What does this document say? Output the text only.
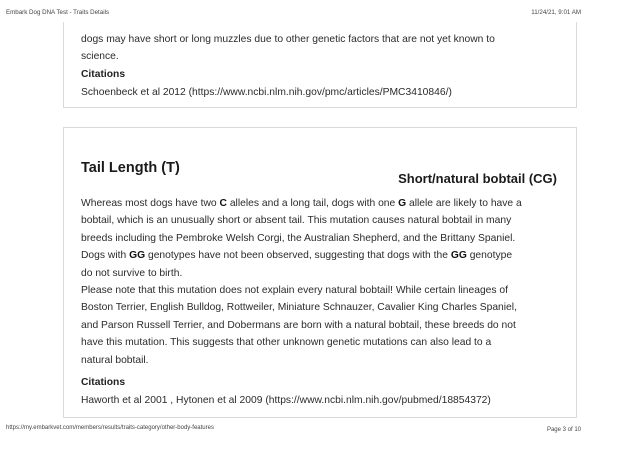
Embark Dog DNA Test - Traits Details	11/24/21, 9:01 AM
dogs may have short or long muzzles due to other genetic factors that are not yet known to
science.
Citations
Schoenbeck et al 2012 (https://www.ncbi.nlm.nih.gov/pmc/articles/PMC3410846/)
Tail Length (T)
Short/natural bobtail (CG)
Whereas most dogs have two C alleles and a long tail, dogs with one G allele are likely to have a
bobtail, which is an unusually short or absent tail. This mutation causes natural bobtail in many
breeds including the Pembroke Welsh Corgi, the Australian Shepherd, and the Brittany Spaniel.
Dogs with GG genotypes have not been observed, suggesting that dogs with the GG genotype
do not survive to birth.
Please note that this mutation does not explain every natural bobtail! While certain lineages of
Boston Terrier, English Bulldog, Rottweiler, Miniature Schnauzer, Cavalier King Charles Spaniel,
and Parson Russell Terrier, and Dobermans are born with a natural bobtail, these breeds do not
have this mutation. This suggests that other unknown genetic mutations can also lead to a
natural bobtail.
Citations
Haworth et al 2001 , Hytonen et al 2009 (https://www.ncbi.nlm.nih.gov/pubmed/18854372)
https://my.embarkvet.com/members/results/traits-category/other-body-features	Page 3 of 10
